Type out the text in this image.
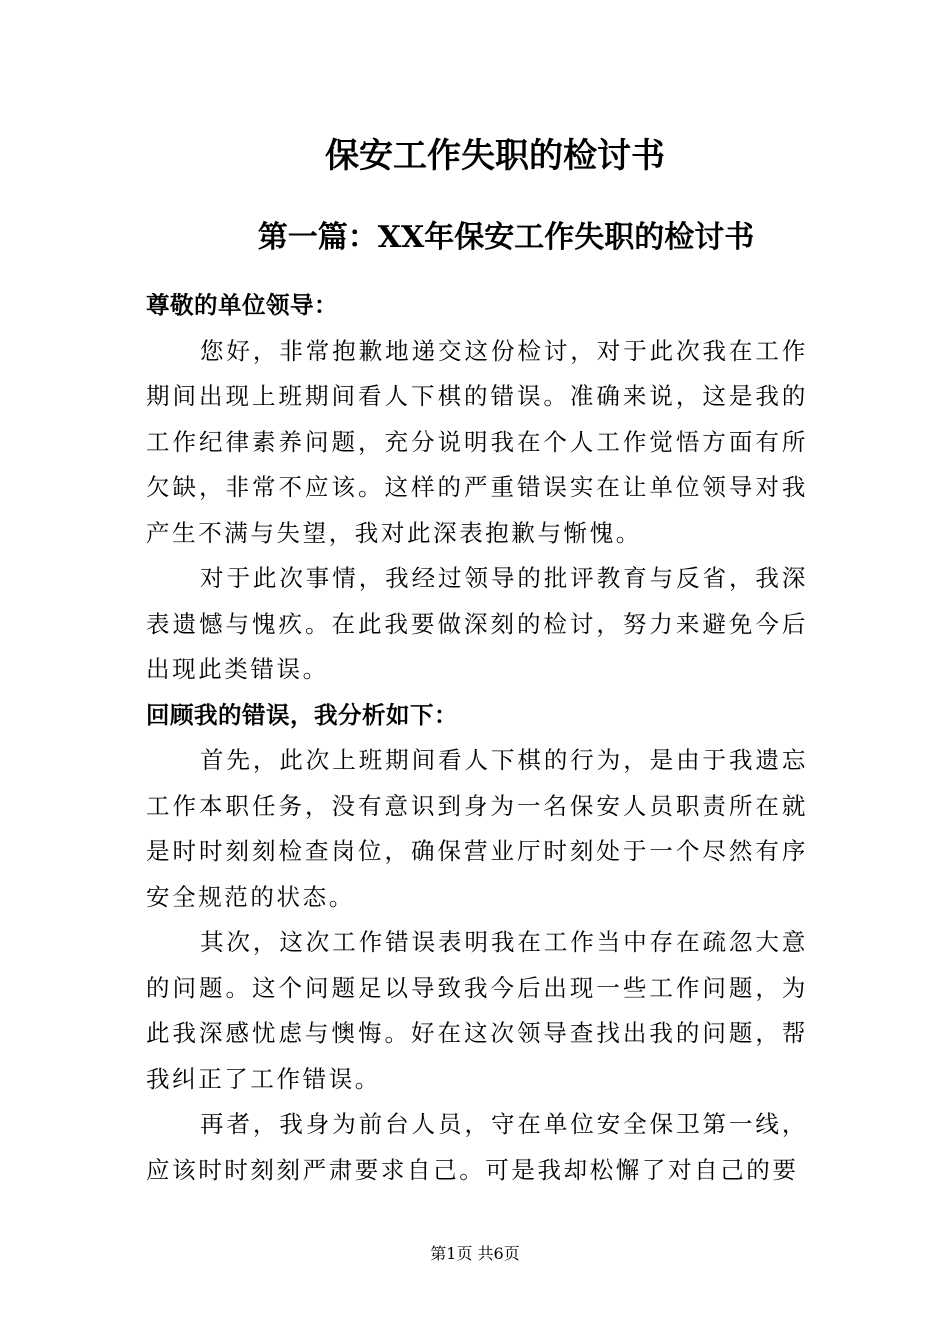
保安工作失职的检讨书
第一篇：XX年保安工作失职的检讨书

尊敬的单位领导：

您好，非常抱歉地递交这份检讨，对于此次我在工作期间出现上班期间看人下棋的错误。准确来说，这是我的工作纪律素养问题，充分说明我在个人工作觉悟方面有所欠缺，非常不应该。这样的严重错误实在让单位领导对我产生不满与失望，我对此深表抱歉与惭愧。

对于此次事情，我经过领导的批评教育与反省，我深表遗憾与愧疚。在此我要做深刻的检讨，努力来避免今后出现此类错误。

回顾我的错误，我分析如下：

首先，此次上班期间看人下棋的行为，是由于我遗忘工作本职任务，没有意识到身为一名保安人员职责所在就是时时刻刻检查岗位，确保营业厅时刻处于一个尽然有序安全规范的状态。

其次，这次工作错误表明我在工作当中存在疏忽大意的问题。这个问题足以导致我今后出现一些工作问题，为此我深感忧虑与懊悔。好在这次领导查找出我的问题，帮我纠正了工作错误。

再者，我身为前台人员，守在单位安全保卫第一线，应该时时刻刻严肃要求自己。可是我却松懈了对自己的要

第1页 共6页
